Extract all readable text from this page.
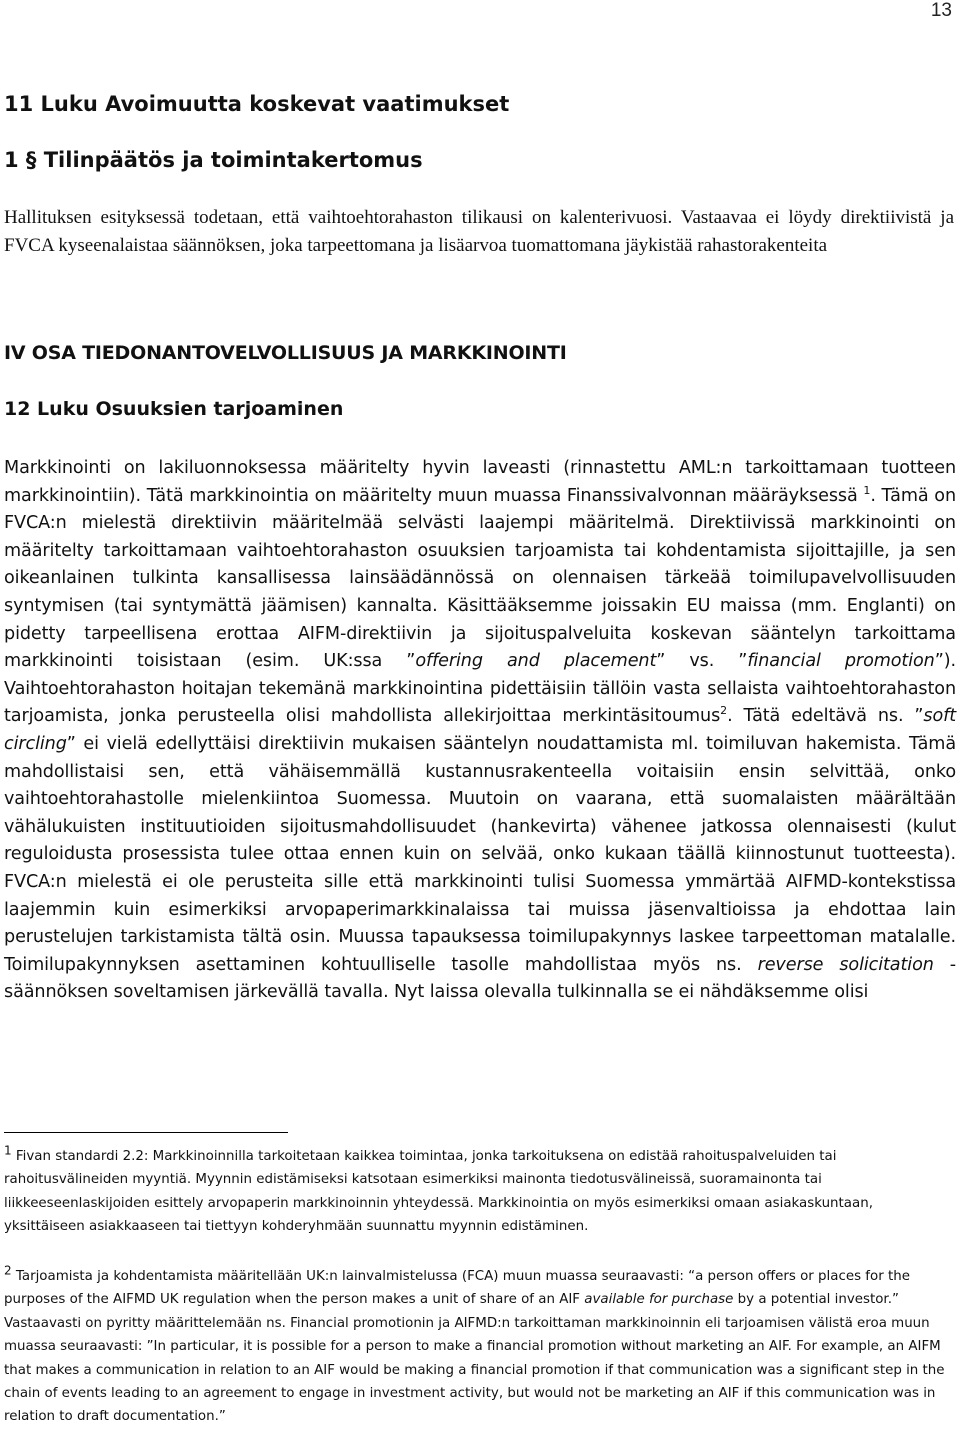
13
11 Luku Avoimuutta koskevat vaatimukset
1 § Tilinpäätös ja toimintakertomus

Hallituksen esityksessä todetaan, että vaihtoehtorahaston tilikausi on kalenterivuosi. Vastaavaa ei löydy direktiivistä ja FVCA kyseenalaistaa säännöksen, joka tarpeettomana ja lisäarvoa tuomattomana jäykistää rahastorakenteita

IV OSA TIEDONANTOVELVOLLISUUS JA MARKKINOINTI
12 Luku Osuuksien tarjoaminen

Markkinointi on lakiluonnoksessa määritelty hyvin laveasti (rinnastettu AML:n tarkoittamaan tuotteen markkinointiin). Tätä markkinointia on määritelty muun muassa Finanssivalvonnan määräyksessä $^1$. Tämä on FVCA:n mielestä direktiivin määritelmää selvästi laajempi määritelmä. Direktiivissä markkinointi on määritelty tarkoittamaan vaihtoehtorahaston osuuksien tarjoamista tai kohdentamista sijoittajille, ja sen oikeanlainen tulkinta kansallisessa lainsäädännössä on olennaisen tärkeää toimilupavelvollisuuden syntymisen (tai syntymättä jäämisen) kannalta. Käsittääksemme joissakin EU maissa (mm. Englanti) on pidetty tarpeellisena erottaa AIFM-direktiivin ja sijoituspalveluita koskevan sääntelyn tarkoittama markkinointi toisistaan (esim. UK:ssa ”offering and placement” vs. ”financial promotion”). Vaihtoehtorahaston hoitajan tekemänä markkinointina pidettäisiin tällöin vasta sellaista vaihtoehtorahaston tarjoamista, jonka perusteella olisi mahdollista allekirjoittaa merkintäsitoumus$^2$. Tätä edeltävä ns. ”soft circling” ei vielä edellyttäisi direktiivin mukaisen sääntelyn noudattamista ml. toimiluvan hakemista. Tämä mahdollistaisi sen, että vähäisemmällä kustannusrakenteella voitaisiin ensin selvittää, onko vaihtoehtorahastolle mielenkiintoa Suomessa. Muutoin on vaarana, että suomalaisten määrältään vähälukuisten instituutioiden sijoitusmahdollisuudet (hankevirta) vähenee jatkossa olennaisesti (kulut reguloidusta prosessista tulee ottaa ennen kuin on selvää, onko kukaan täällä kiinnostunut tuotteesta). FVCA:n mielestä ei ole perusteita sille että markkinointi tulisi Suomessa ymmärtää AIFMD-kontekstissa laajemmin kuin esimerkiksi arvopaperimarkkinalaissa tai muissa jäsenvaltioissa ja ehdottaa lain perustelujen tarkistamista tältä osin. Muussa tapauksessa toimilupakynnys laskee tarpeettoman matalalle. Toimilupakynnyksen asettaminen kohtuulliselle tasolle mahdollistaa myös ns. reverse solicitation -säännöksen soveltamisen järkevällä tavalla. Nyt laissa olevalla tulkinnalla se ei nähdäksemme olisi

1 Fivan standardi 2.2: Markkinoinnilla tarkoitetaan kaikkea toimintaa, jonka tarkoituksena on edistää rahoituspalveluiden tai rahoitusvälineiden myyntiä. Myynnin edistämiseksi katsotaan esimerkiksi mainonta tiedotusvälineissä, suoramainonta tai liikkeeseenlaskijoiden esittely arvopaperin markkinoinnin yhteydessä. Markkinointia on myös esimerkiksi omaan asiakaskuntaan, yksittäiseen asiakkaaseen tai tiettyyn kohderyhmään suunnattu myynnin edistäminen.

2 Tarjoamista ja kohdentamista määritellään UK:n lainvalmistelussa (FCA) muun muassa seuraavasti: “a person offers or places for the purposes of the AIFMD UK regulation when the person makes a unit of share of an AIF available for purchase by a potential investor.” Vastaavasti on pyritty määrittelemään ns. Financial promotionin ja AIFMD:n tarkoittaman markkinoinnin eli tarjoamisen välistä eroa muun muassa seuraavasti: ”In particular, it is possible for a person to make a financial promotion without marketing an AIF. For example, an AIFM that makes a communication in relation to an AIF would be making a financial promotion if that communication was a significant step in the chain of events leading to an agreement to engage in investment activity, but would not be marketing an AIF if this communication was in relation to draft documentation.”
